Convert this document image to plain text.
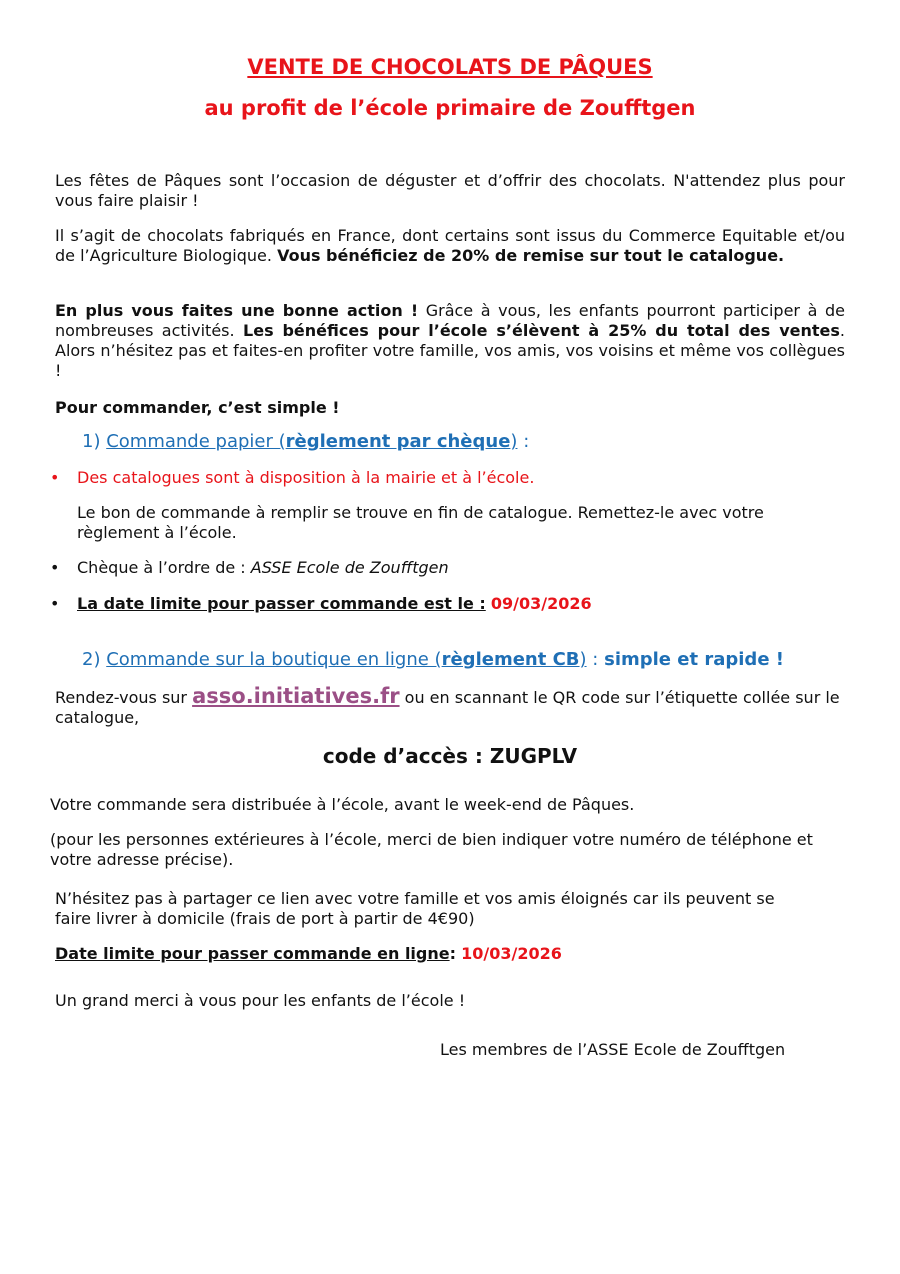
VENTE DE CHOCOLATS DE PÂQUES
au profit de l’école primaire de Zoufftgen
Les fêtes de Pâques sont l’occasion de déguster et d’offrir des chocolats. N'attendez plus pour vous faire plaisir !
Il s’agit de chocolats fabriqués en France, dont certains sont issus du Commerce Equitable et/ou de l’Agriculture Biologique. Vous bénéficiez de 20% de remise sur tout le catalogue.
En plus vous faites une bonne action ! Grâce à vous, les enfants pourront participer à de nombreuses activités. Les bénéfices pour l’école s’élèvent à 25% du total des ventes. Alors n’hésitez pas et faites-en profiter votre famille, vos amis, vos voisins et même vos collègues !
Pour commander, c’est simple !
1) Commande papier (règlement par chèque) :
• Des catalogues sont à disposition à la mairie et à l’école.
Le bon de commande à remplir se trouve en fin de catalogue. Remettez-le avec votre règlement à l’école.
• Chèque à l’ordre de : ASSE Ecole de Zoufftgen
• La date limite pour passer commande est le : 09/03/2026
2) Commande sur la boutique en ligne (règlement CB) : simple et rapide !
Rendez-vous sur asso.initiatives.fr ou en scannant le QR code sur l’étiquette collée sur le catalogue,
code d’accès : ZUGPLV
Votre commande sera distribuée à l’école, avant le week-end de Pâques.
(pour les personnes extérieures à l’école, merci de bien indiquer votre numéro de téléphone et votre adresse précise).
N’hésitez pas à partager ce lien avec votre famille et vos amis éloignés car ils peuvent se faire livrer à domicile (frais de port à partir de 4€90)
Date limite pour passer commande en ligne: 10/03/2026
Un grand merci à vous pour les enfants de l’école !
Les membres de l’ASSE Ecole de Zoufftgen
